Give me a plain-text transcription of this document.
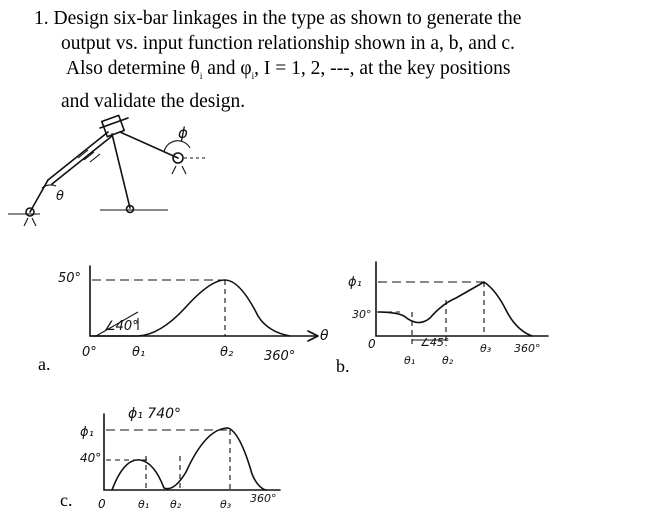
1. Design six-bar linkages in the type as shown to generate the
output vs. input function relationship shown in a, b, and c.
Also determine $\theta_i$ and $\varphi_i$, I = 1, 2, ---, at the key positions
and validate the design.
θ
ϕ
50°
∠40°
0°	θ₁	θ₂ 360°
θ
a.
ϕ₁
30°
∠45°
0
θ₁ θ₂
θ₃ 360°
b.
ϕ₁ 740°
ϕ₁
40°
0	θ₁ θ₂	θ₃ 360°
c.
